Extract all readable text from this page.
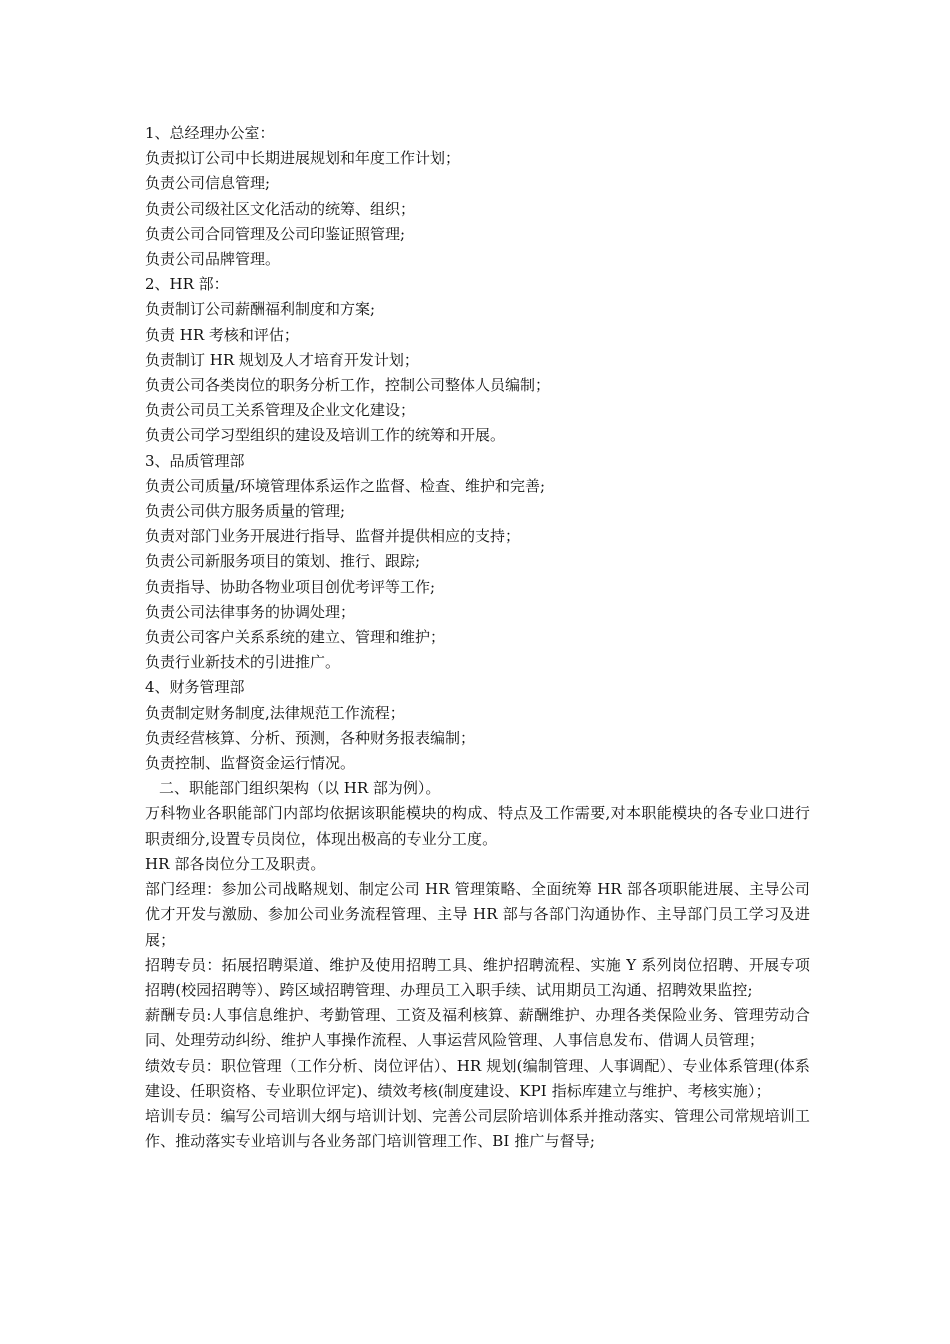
1、总经理办公室：
负责拟订公司中长期进展规划和年度工作计划；
负责公司信息管理;
负责公司级社区文化活动的统筹、组织；
负责公司合同管理及公司印鉴证照管理;
负责公司品牌管理。
2、HR 部：
负责制订公司薪酬福利制度和方案;
负责 HR 考核和评估；
负责制订 HR 规划及人才培育开发计划；
负责公司各类岗位的职务分析工作，控制公司整体人员编制；
负责公司员工关系管理及企业文化建设；
负责公司学习型组织的建设及培训工作的统筹和开展。
3、品质管理部
负责公司质量/环境管理体系运作之监督、检查、维护和完善;
负责公司供方服务质量的管理;
负责对部门业务开展进行指导、监督并提供相应的支持；
负责公司新服务项目的策划、推行、跟踪;
负责指导、协助各物业项目创优考评等工作;
负责公司法律事务的协调处理；
负责公司客户关系系统的建立、管理和维护；
负责行业新技术的引进推广。
4、财务管理部
负责制定财务制度,法律规范工作流程；
负责经营核算、分析、预测，各种财务报表编制；
负责控制、监督资金运行情况。
二、职能部门组织架构（以 HR 部为例）。
万科物业各职能部门内部均依据该职能模块的构成、特点及工作需要,对本职能模块的各专业口进行职责细分,设置专员岗位，体现出极高的专业分工度。
HR 部各岗位分工及职责。
部门经理：参加公司战略规划、制定公司 HR 管理策略、全面统筹 HR 部各项职能进展、主导公司优才开发与激励、参加公司业务流程管理、主导 HR 部与各部门沟通协作、主导部门员工学习及进展；
招聘专员：拓展招聘渠道、维护及使用招聘工具、维护招聘流程、实施 Y 系列岗位招聘、开展专项招聘(校园招聘等）、跨区域招聘管理、办理员工入职手续、试用期员工沟通、招聘效果监控;
薪酬专员:人事信息维护、考勤管理、工资及福利核算、薪酬维护、办理各类保险业务、管理劳动合同、处理劳动纠纷、维护人事操作流程、人事运营风险管理、人事信息发布、借调人员管理；
绩效专员：职位管理（工作分析、岗位评估）、HR 规划(编制管理、人事调配）、专业体系管理(体系建设、任职资格、专业职位评定)、绩效考核(制度建设、KPI 指标库建立与维护、考核实施）；
培训专员：编写公司培训大纲与培训计划、完善公司层阶培训体系并推动落实、管理公司常规培训工作、推动落实专业培训与各业务部门培训管理工作、BI 推广与督导;
